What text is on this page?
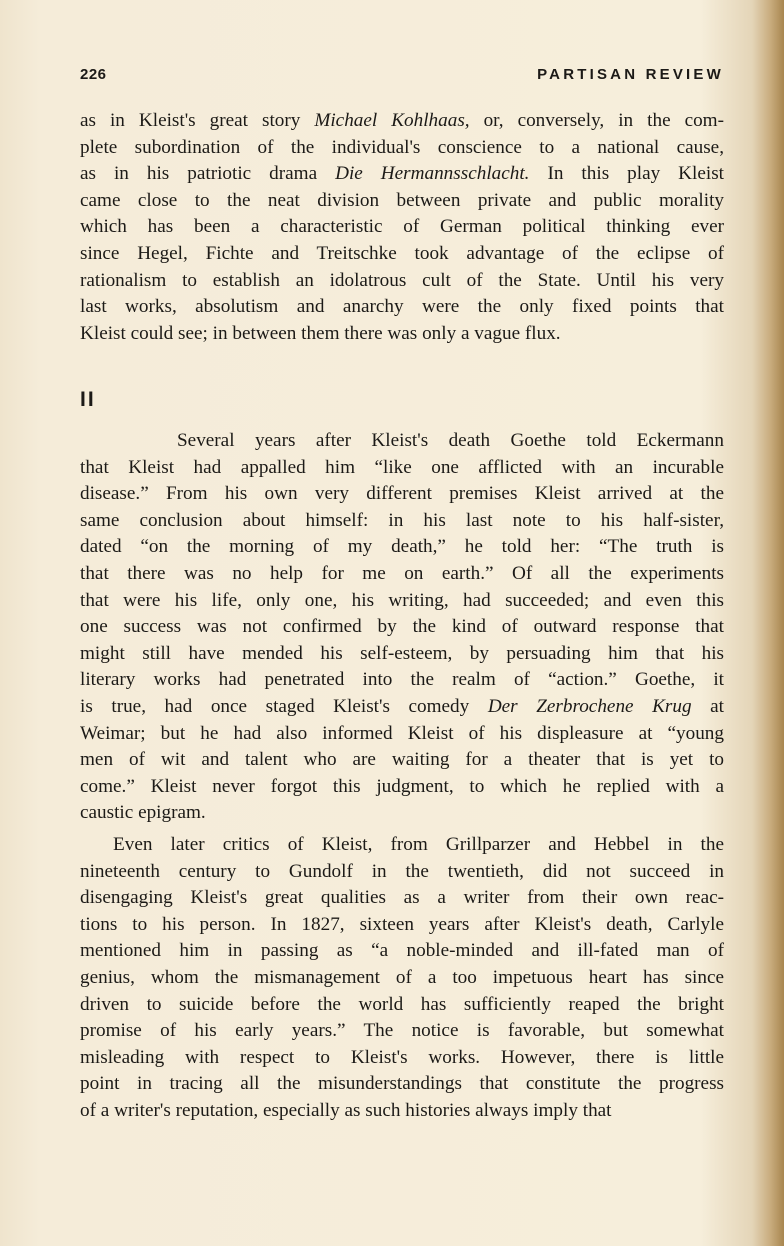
226	PARTISAN REVIEW
as in Kleist's great story Michael Kohlhaas, or, conversely, in the com-
plete subordination of the individual's conscience to a national cause,
as in his patriotic drama Die Hermannsschlacht. In this play Kleist
came close to the neat division between private and public morality
which has been a characteristic of German political thinking ever
since Hegel, Fichte and Treitschke took advantage of the eclipse of
rationalism to establish an idolatrous cult of the State. Until his very
last works, absolutism and anarchy were the only fixed points that
Kleist could see; in between them there was only a vague flux.
II
Several years after Kleist's death Goethe told Eckermann
that Kleist had appalled him “like one afflicted with an incurable
disease.” From his own very different premises Kleist arrived at the
same conclusion about himself: in his last note to his half-sister,
dated “on the morning of my death,” he told her: “The truth is
that there was no help for me on earth.” Of all the experiments
that were his life, only one, his writing, had succeeded; and even this
one success was not confirmed by the kind of outward response that
might still have mended his self-esteem, by persuading him that his
literary works had penetrated into the realm of “action.” Goethe, it
is true, had once staged Kleist's comedy Der Zerbrochene Krug at
Weimar; but he had also informed Kleist of his displeasure at “young
men of wit and talent who are waiting for a theater that is yet to
come.” Kleist never forgot this judgment, to which he replied with a
caustic epigram.
Even later critics of Kleist, from Grillparzer and Hebbel in the
nineteenth century to Gundolf in the twentieth, did not succeed in
disengaging Kleist's great qualities as a writer from their own reac-
tions to his person. In 1827, sixteen years after Kleist's death, Carlyle
mentioned him in passing as “a noble-minded and ill-fated man of
genius, whom the mismanagement of a too impetuous heart has since
driven to suicide before the world has sufficiently reaped the bright
promise of his early years.” The notice is favorable, but somewhat
misleading with respect to Kleist's works. However, there is little
point in tracing all the misunderstandings that constitute the progress
of a writer's reputation, especially as such histories always imply that
